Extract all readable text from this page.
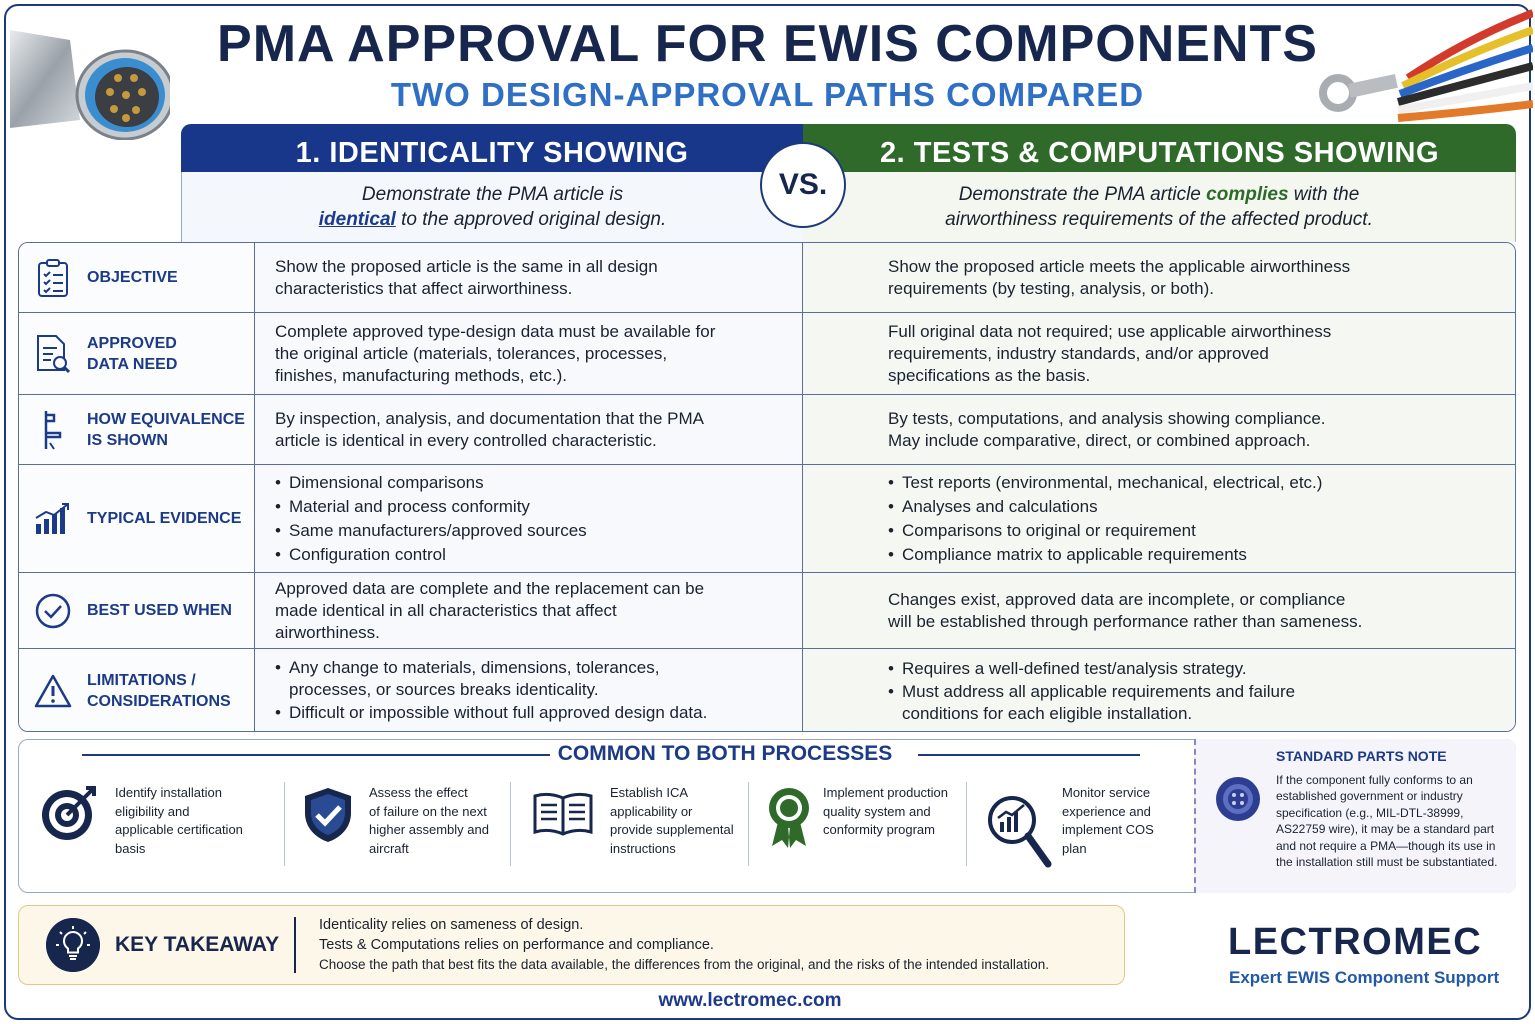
PMA APPROVAL FOR EWIS COMPONENTS
TWO DESIGN-APPROVAL PATHS COMPARED
1. IDENTICALITY SHOWING	2. TESTS & COMPUTATIONS SHOWING
Demonstrate the PMA article is
identical to the approved original design.
Demonstrate the PMA article complies with the
airworthiness requirements of the affected product.
VS.
OBJECTIVE
Show the proposed article is the same in all design
characteristics that affect airworthiness.
Show the proposed article meets the applicable airworthiness
requirements (by testing, analysis, or both).
APPROVED
DATA NEED
Complete approved type-design data must be available for
the original article (materials, tolerances, processes,
finishes, manufacturing methods, etc.).
Full original data not required; use applicable airworthiness
requirements, industry standards, and/or approved
specifications as the basis.
HOW EQUIVALENCE
IS SHOWN
By inspection, analysis, and documentation that the PMA
article is identical in every controlled characteristic.
By tests, computations, and analysis showing compliance.
May include comparative, direct, or combined approach.
TYPICAL EVIDENCE
• Dimensional comparisons
• Material and process conformity
• Same manufacturers/approved sources
• Configuration control
• Test reports (environmental, mechanical, electrical, etc.)
• Analyses and calculations
• Comparisons to original or requirement
• Compliance matrix to applicable requirements
BEST USED WHEN
Approved data are complete and the replacement can be
made identical in all characteristics that affect
airworthiness.
Changes exist, approved data are incomplete, or compliance
will be established through performance rather than sameness.
LIMITATIONS /
CONSIDERATIONS
• Any change to materials, dimensions, tolerances,
processes, or sources breaks identicality.
• Difficult or impossible without full approved design data.
• Requires a well-defined test/analysis strategy.
• Must address all applicable requirements and failure
conditions for each eligible installation.
COMMON TO BOTH PROCESSES
Identify installation
eligibility and
applicable certification
basis
Assess the effect
of failure on the next
higher assembly and
aircraft
Establish ICA
applicability or
provide supplemental
instructions
Implement production
quality system and
conformity program
Monitor service
experience and
implement COS
plan
STANDARD PARTS NOTE
If the component fully conforms to an established government or industry specification (e.g., MIL-DTL-38999, AS22759 wire), it may be a standard part and not require a PMA—though its use in the installation still must be substantiated.
KEY TAKEAWAY
Identicality relies on sameness of design.
Tests & Computations relies on performance and compliance.
Choose the path that best fits the data available, the differences from the original, and the risks of the intended installation.
LECTROMEC
Expert EWIS Component Support
www.lectromec.com
